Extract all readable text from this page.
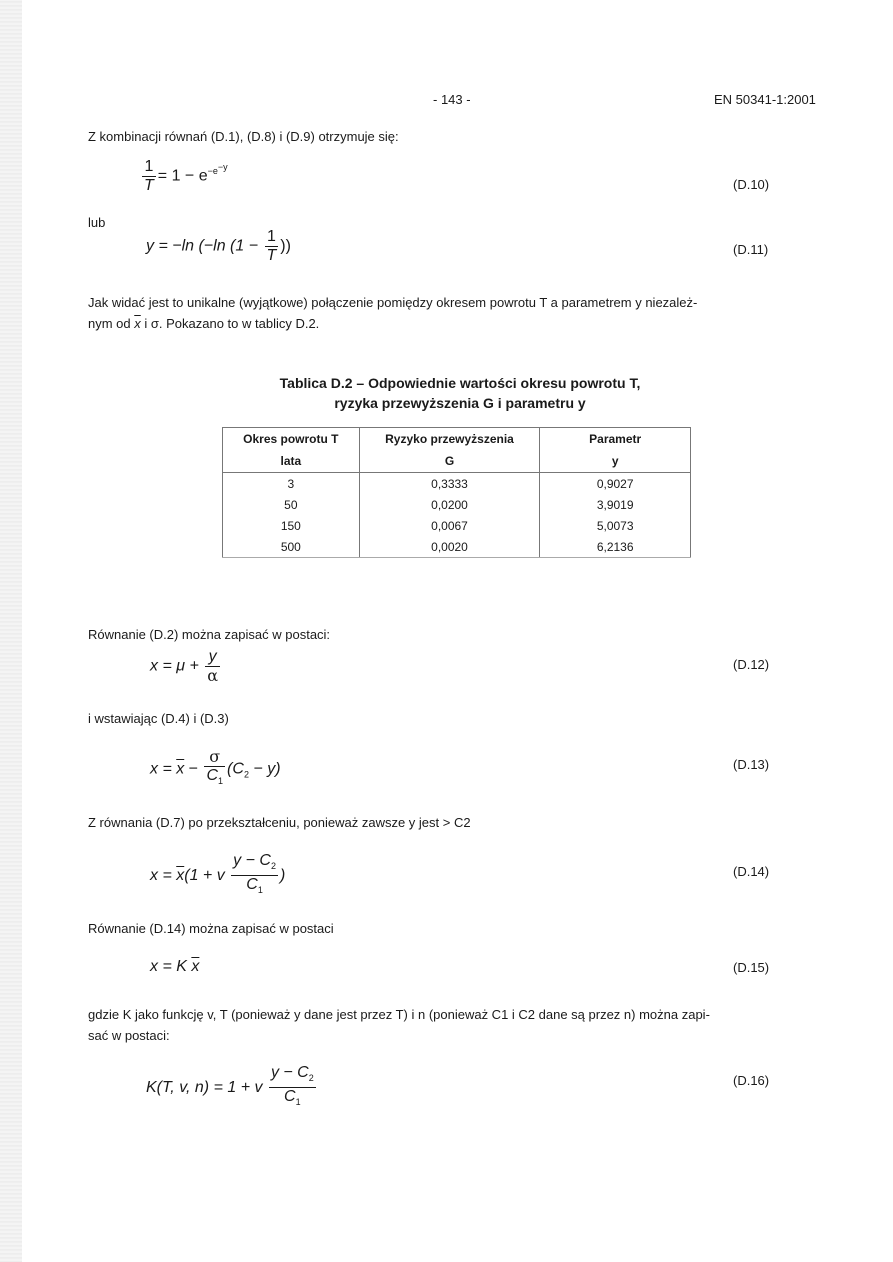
- 143 -	EN 50341-1:2001
Z kombinacji równań (D.1), (D.8) i (D.9) otrzymuje się:
$\frac{1}{T} = 1 - e^{-e^{-y}}$
(D.10)
lub
y = −ln (−ln ($1 - \frac{1}{T}$ ))	(D.11)
Jak widać jest to unikalne (wyjątkowe) połączenie pomiędzy okresem powrotu T a parametrem y niezależ-
nym od $\overline{x}$ i σ. Pokazano to w tablicy D.2.
Tablica D.2 – Odpowiednie wartości okresu powrotu T,
ryzyka przewyższenia G i parametru y
Okres powrotu T	Ryzyko przewyższenia	Parametr
lata	G	y
3	0,3333	0,9027
50	0,0200	3,9019
150	0,0067	5,0073
500	0,0020	6,2136
Równanie (D.2) można zapisać w postaci:
$x = \mu + \frac{y}{\alpha}$	(D.12)
i wstawiając (D.4) i (D.3)
$x = \overline{x} - \frac{\sigma}{C_1} (C_2 - y)$	(D.13)
Z równania (D.7) po przekształceniu, ponieważ zawsze y jest > C2
$x = \overline{x}(1 + v \frac{y - C_2}{C_1}$ )	(D.14)
Równanie (D.14) można zapisać w postaci
x = K $\overline{x}$	(D.15)
gdzie K jako funkcję v, T (ponieważ y dane jest przez T) i n (ponieważ C1 i C2 dane są przez n) można zapi-
sać w postaci:
K(T, v, n) = 1 + v $\frac{y - C_2}{C_1}$	(D.16)
